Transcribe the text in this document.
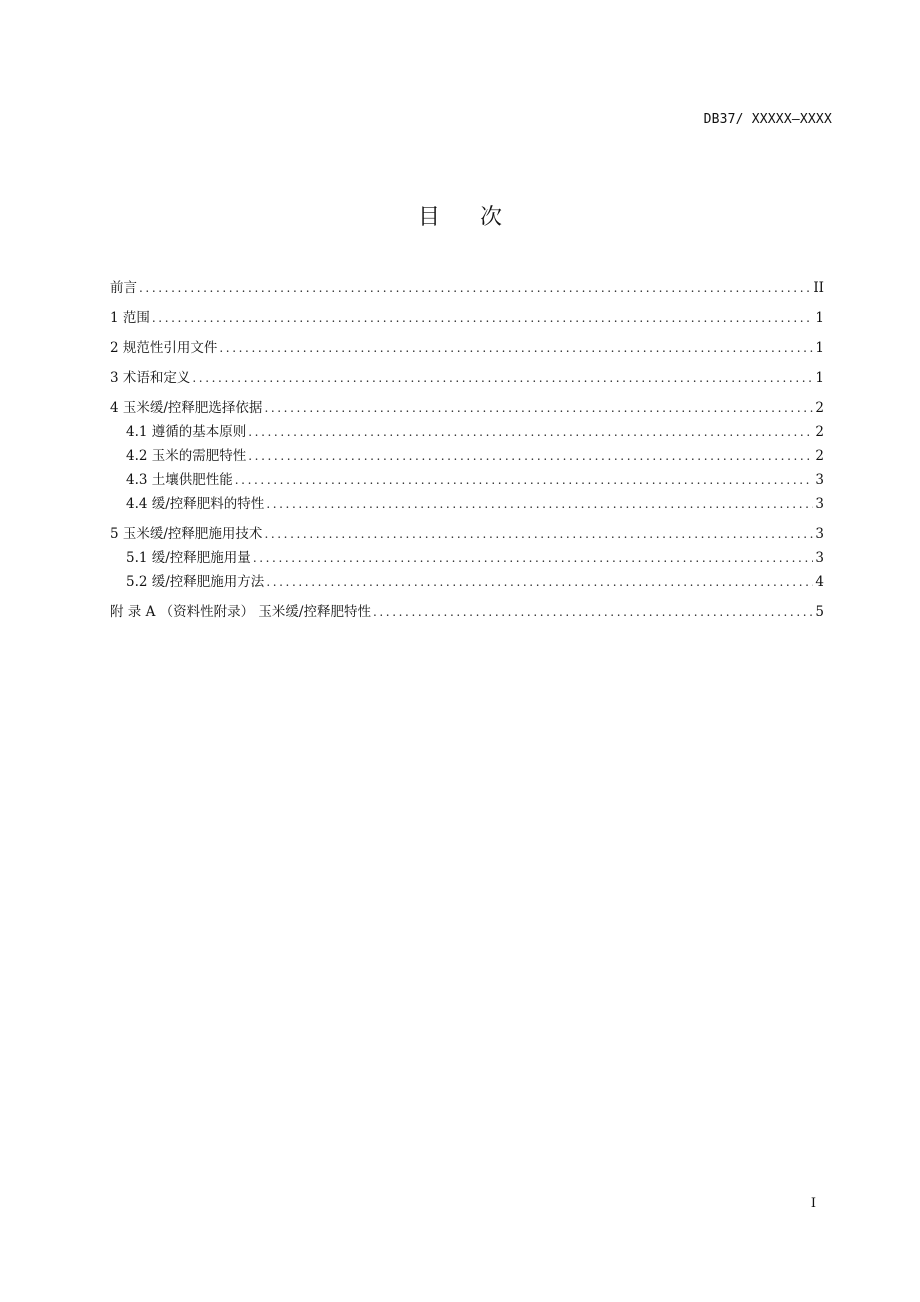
DB37/ XXXXX—XXXX
目次
前言 .....	II
1 范围 .....	1
2 规范性引用文件 .....	1
3 术语和定义 .....	1
4 玉米缓/控释肥选择依据 .....	2
4.1 遵循的基本原则 .....	2
4.2 玉米的需肥特性 .....	2
4.3 土壤供肥性能 .....	3
4.4 缓/控释肥料的特性 .....	3
5 玉米缓/控释肥施用技术 .....	3
5.1 缓/控释肥施用量 .....	3
5.2 缓/控释肥施用方法 .....	4
附 录 A （资料性附录） 玉米缓/控释肥特性 .....	5
I
